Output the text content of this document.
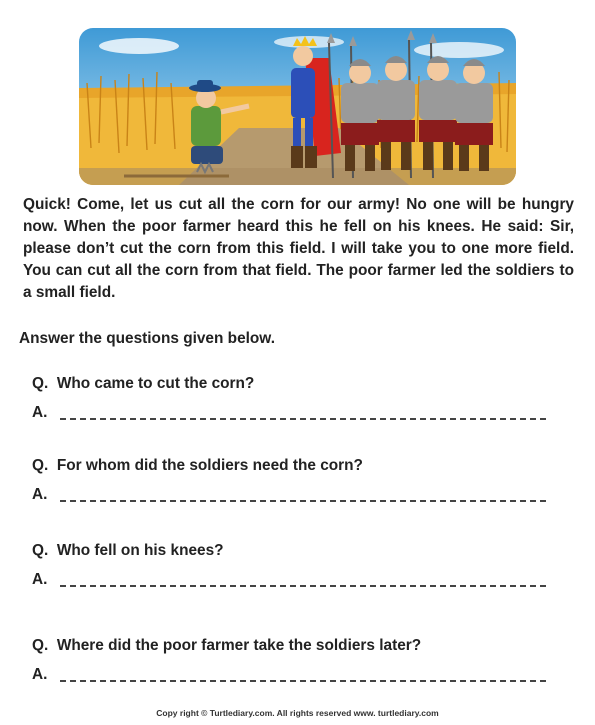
Quick! Come, let us cut all the corn for our army! No one will be hungry now. When the poor farmer heard this he fell on his knees. He said: Sir, please don’t cut the corn from this field. I will take you to one more field. You can cut all the corn from that field. The poor farmer led the soldiers to a small field.
Answer the questions given below.
Q. Who came to cut the corn?
A.
Q. For whom did the soldiers need the corn?
A.
Q. Who fell on his knees?
A.
Q. Where did the poor farmer take the soldiers later?
A.
Copy right © Turtlediary.com. All rights reserved www. turtlediary.com
